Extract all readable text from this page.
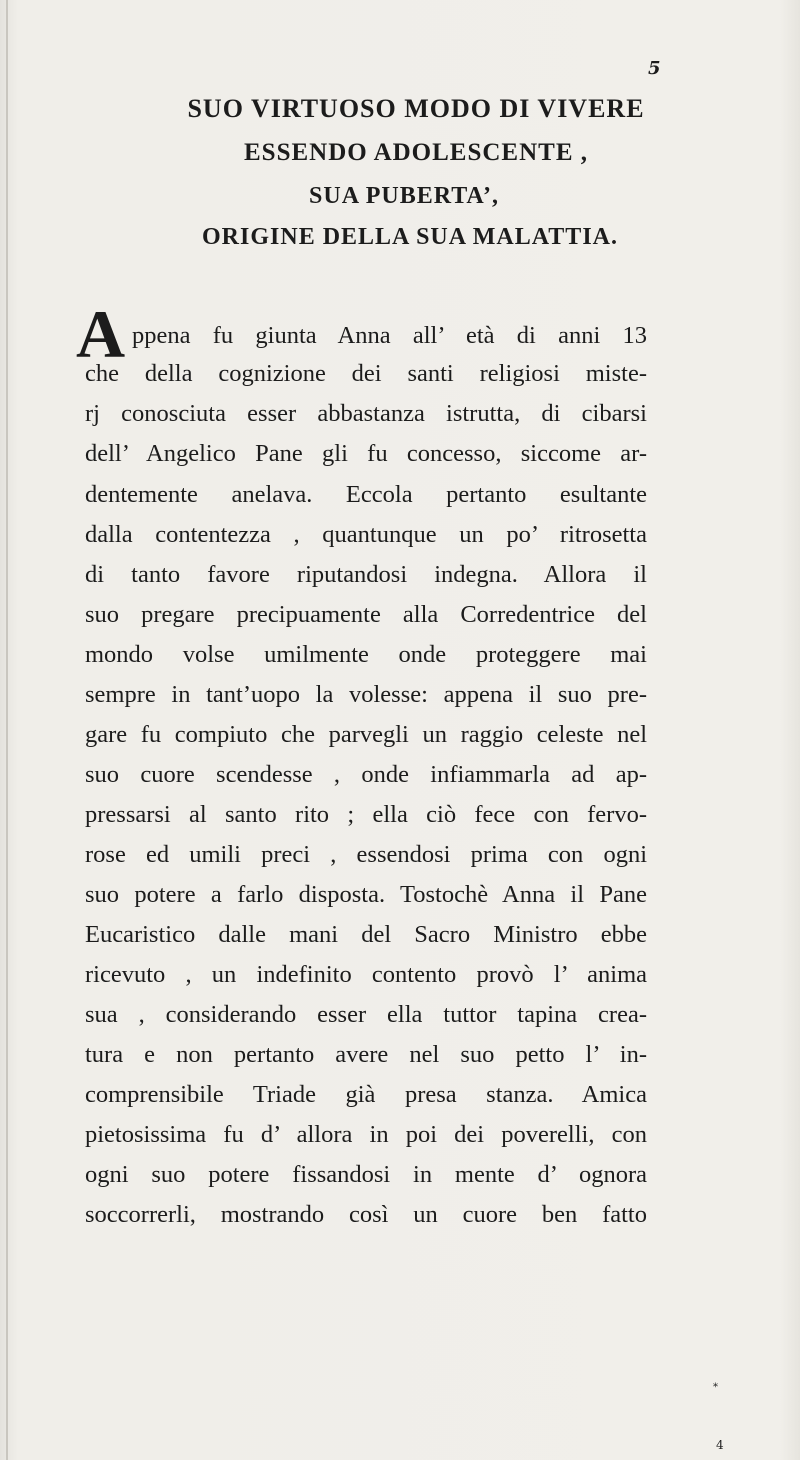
5
SUO VIRTUOSO MODO DI VIVERE
ESSENDO ADOLESCENTE ,
SUA PUBERTA’,
ORIGINE DELLA SUA MALATTIA.
A ppena fu giunta Anna all’ età di anni 13
che della cognizione dei santi religiosi miste-
rj conosciuta esser abbastanza istrutta, di cibarsi
dell’ Angelico Pane gli fu concesso, siccome ar-
dentemente anelava. Eccola pertanto esultante
dalla contentezza , quantunque un po’ ritrosetta
di tanto favore riputandosi indegna. Allora il
suo pregare precipuamente alla Corredentrice del
mondo volse umilmente onde proteggere mai
sempre in tant’uopo la volesse: appena il suo pre-
gare fu compiuto che parvegli un raggio celeste nel
suo cuore scendesse , onde infiammarla ad ap-
pressarsi al santo rito ; ella ciò fece con fervo-
rose ed umili preci , essendosi prima con ogni
suo potere a farlo disposta. Tostochè Anna il Pane
Eucaristico dalle mani del Sacro Ministro ebbe
ricevuto , un indefinito contento provò l’ anima
sua , considerando esser ella tuttor tapina crea-
tura e non pertanto avere nel suo petto l’ in-
comprensibile Triade già presa stanza. Amica
pietosissima fu d’ allora in poi dei poverelli, con
ogni suo potere fissandosi in mente d’ ognora
soccorrerli, mostrando così un cuore ben fatto
*
4
